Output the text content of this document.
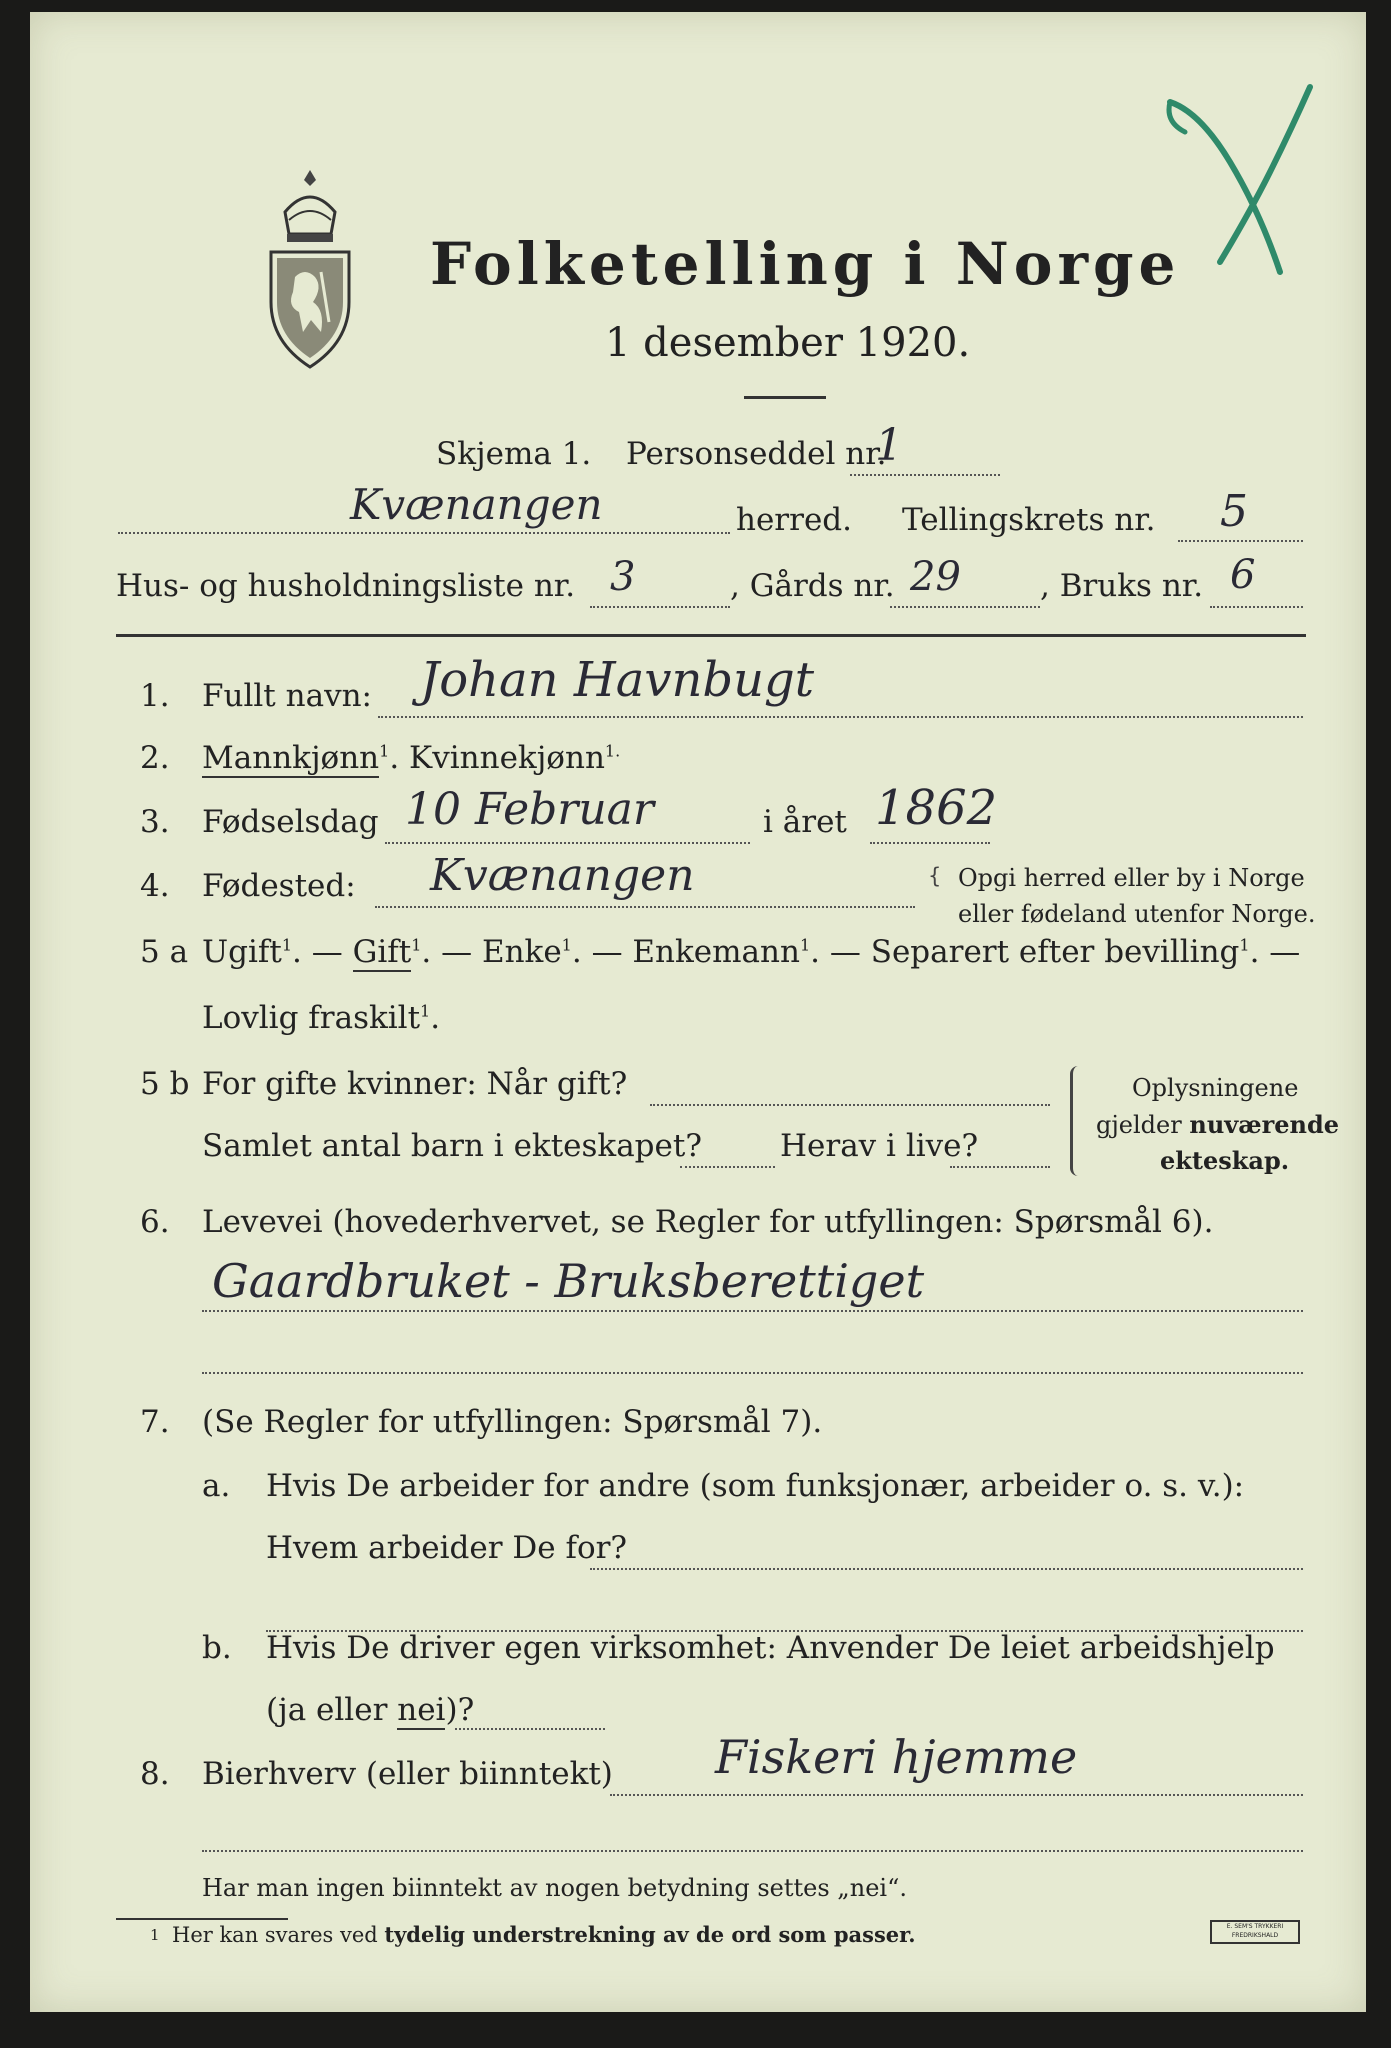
Folketelling i Norge
1 desember 1920.
Skjema 1. Personseddel nr.
1
Kvænangen	herred. Tellingskrets nr. 5
Hus- og husholdningsliste nr. 3	, Gårds nr. 29	, Bruks nr. 6
1. Fullt navn: Johan Havnbugt
2. Mannkjønn$^1$. Kvinnekjønn$^{1.}$
3. Fødselsdag 10 Februar	i året 1862
4. Fødested: Kvænangen	{ Opgi herred eller by i Norge
eller fødeland utenfor Norge.
5 a Ugift$^1$. — Gift$^1$. — Enke$^1$. — Enkemann$^1$. — Separert efter bevilling$^1$. —
Lovlig fraskilt$^1$.
5 b For gifte kvinner: Når gift?
Samlet antal barn i ekteskapet?	Herav i live?
Oplysningene
gjelder nuværende
ekteskap.
6. Levevei (hovederhvervet, se Regler for utfyllingen: Spørsmål 6).
Gaardbruket - Bruksberettiget
7. (Se Regler for utfyllingen: Spørsmål 7).
a. Hvis De arbeider for andre (som funksjonær, arbeider o. s. v.):
Hvem arbeider De for?
b. Hvis De driver egen virksomhet: Anvender De leiet arbeidshjelp
(ja eller nei)?
8. Bierhverv (eller biinntekt) Fiskeri hjemme
Har man ingen biinntekt av nogen betydning settes „nei“.
1 Her kan svares ved tydelig understrekning av de ord som passer.	E. SEM'S TRYKKERI FREDRIKSHALD
